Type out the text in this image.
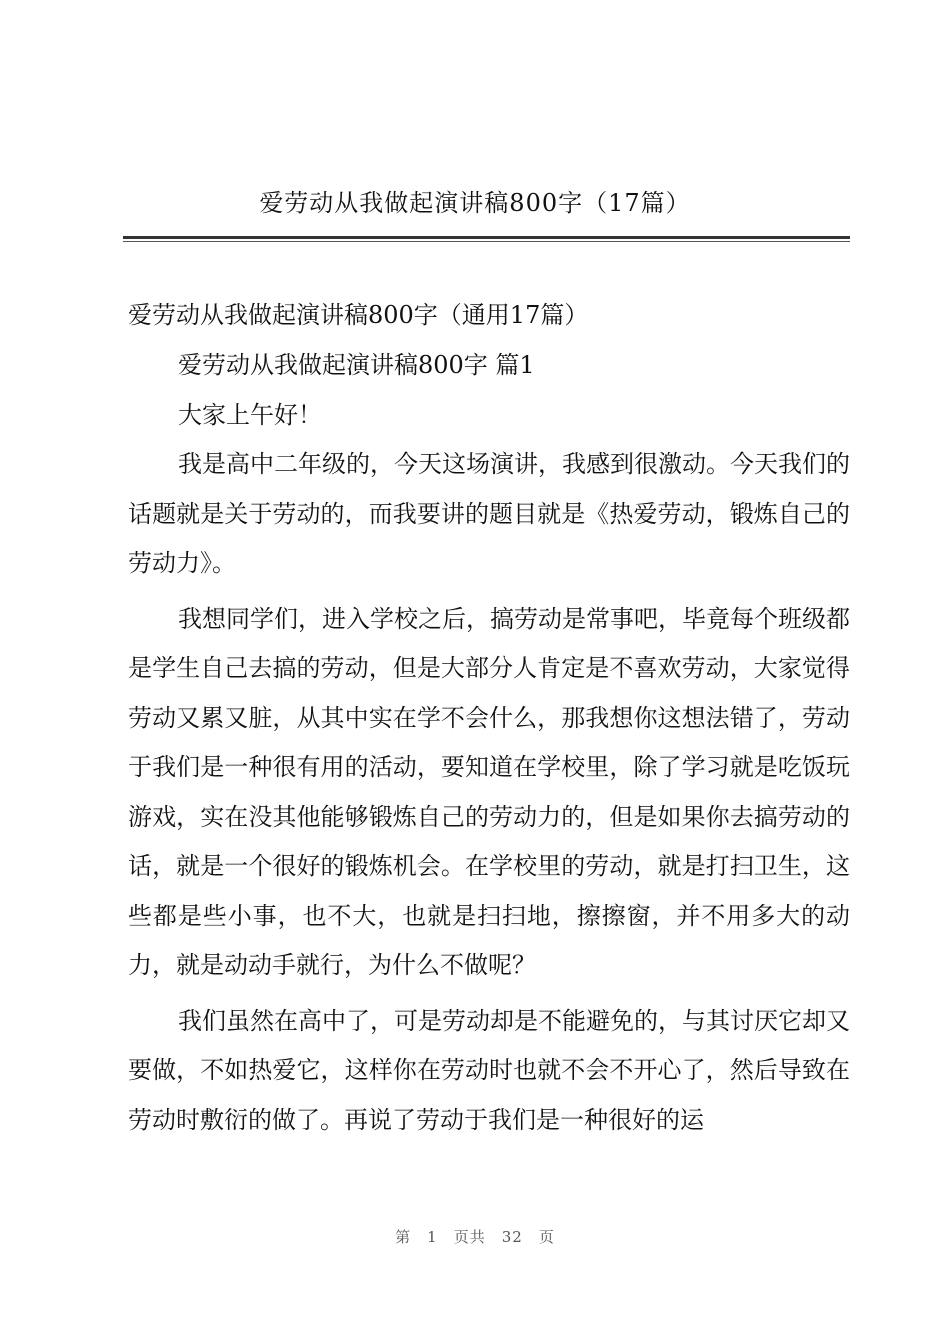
爱劳动从我做起演讲稿800字（17篇）

爱劳动从我做起演讲稿800字（通用17篇）

爱劳动从我做起演讲稿800字 篇1

大家上午好！

我是高中二年级的，今天这场演讲，我感到很激动。今天我们的话题就是关于劳动的，而我要讲的题目就是《热爱劳动，锻炼自己的劳动力》。

我想同学们，进入学校之后，搞劳动是常事吧，毕竟每个班级都是学生自己去搞的劳动，但是大部分人肯定是不喜欢劳动，大家觉得劳动又累又脏，从其中实在学不会什么，那我想你这想法错了，劳动于我们是一种很有用的活动，要知道在学校里，除了学习就是吃饭玩游戏，实在没其他能够锻炼自己的劳动力的，但是如果你去搞劳动的话，就是一个很好的锻炼机会。在学校里的劳动，就是打扫卫生，这些都是些小事，也不大，也就是扫扫地，擦擦窗，并不用多大的动力，就是动动手就行，为什么不做呢？

我们虽然在高中了，可是劳动却是不能避免的，与其讨厌它却又要做，不如热爱它，这样你在劳动时也就不会不开心了，然后导致在劳动时敷衍的做了。再说了劳动于我们是一种很好的运

第 1 页共 32 页
